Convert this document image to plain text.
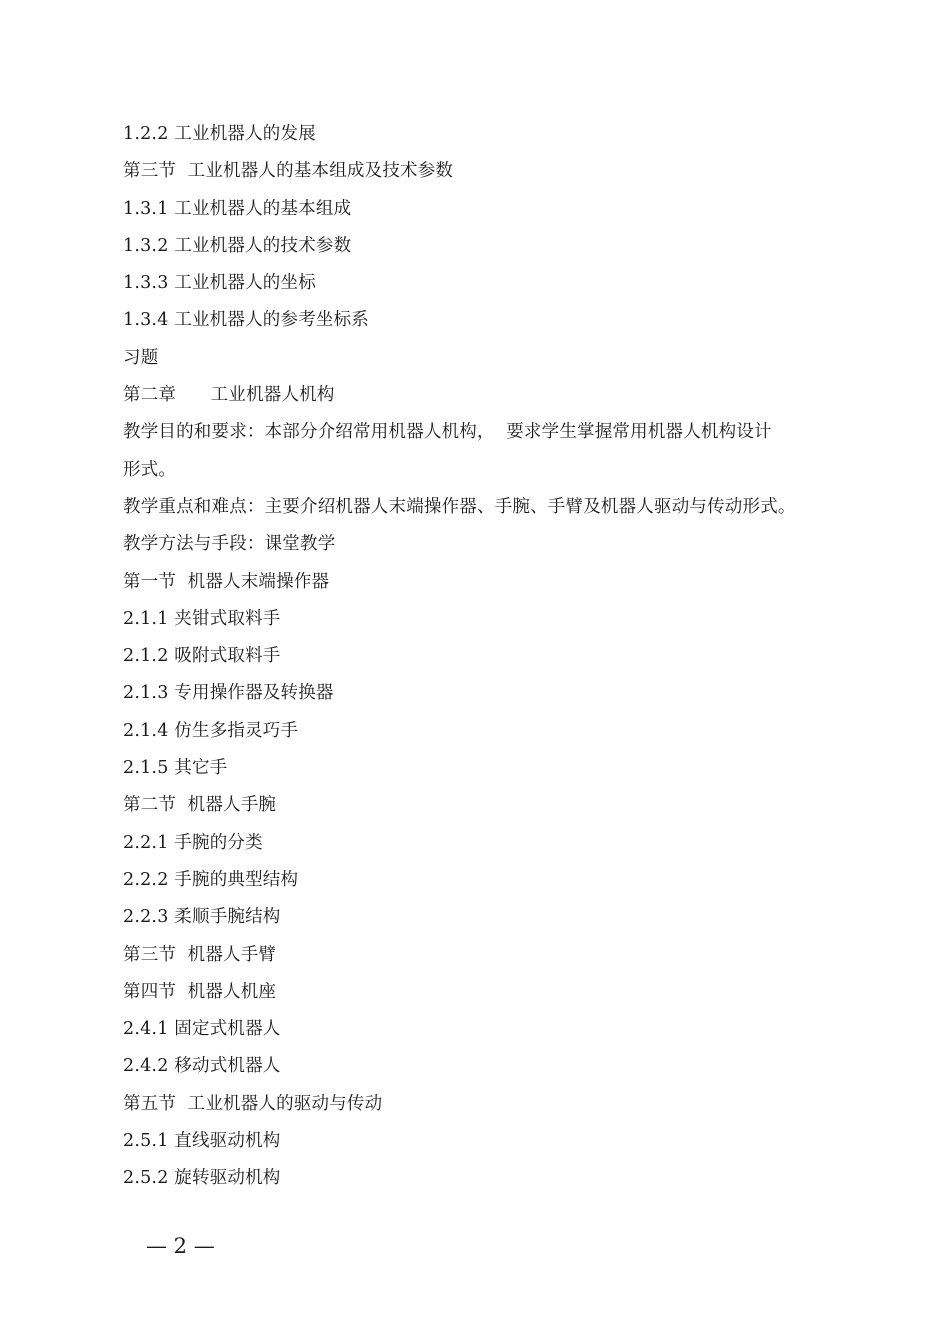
1.2.2 工业机器人的发展
第三节  工业机器人的基本组成及技术参数
1.3.1 工业机器人的基本组成
1.3.2 工业机器人的技术参数
1.3.3 工业机器人的坐标
1.3.4 工业机器人的参考坐标系
习题
第二章      工业机器人机构
教学目的和要求：本部分介绍常用机器人机构，  要求学生掌握常用机器人机构设计
形式。
教学重点和难点：主要介绍机器人末端操作器、手腕、手臂及机器人驱动与传动形式。
教学方法与手段：课堂教学
第一节  机器人末端操作器
2.1.1 夹钳式取料手
2.1.2 吸附式取料手
2.1.3 专用操作器及转换器
2.1.4 仿生多指灵巧手
2.1.5 其它手
第二节  机器人手腕
2.2.1 手腕的分类
2.2.2 手腕的典型结构
2.2.3 柔顺手腕结构
第三节  机器人手臂
第四节  机器人机座
2.4.1 固定式机器人
2.4.2 移动式机器人
第五节  工业机器人的驱动与传动
2.5.1 直线驱动机构
2.5.2 旋转驱动机构
— 2 —
